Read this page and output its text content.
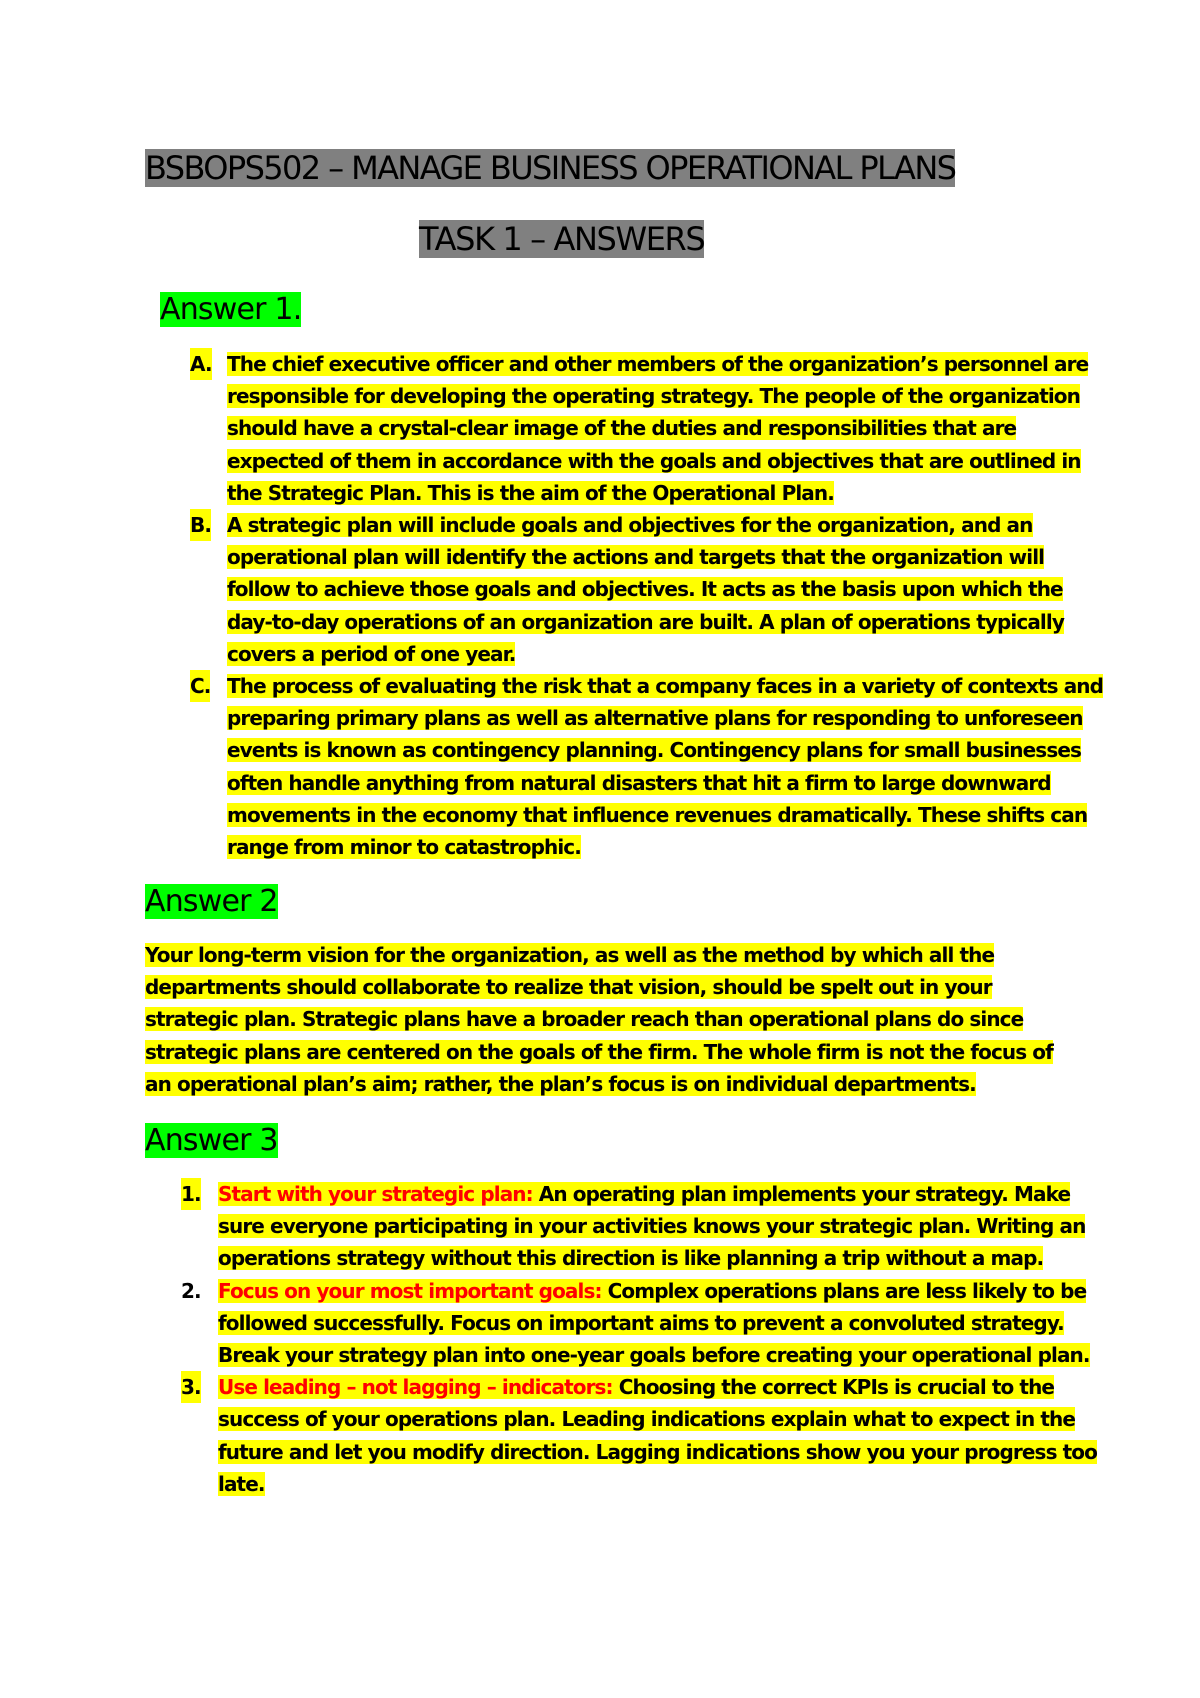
BSBOPS502 – MANAGE BUSINESS OPERATIONAL PLANS
TASK 1 – ANSWERS
Answer 1.
A. The chief executive officer and other members of the organization’s personnel are responsible for developing the operating strategy. The people of the organization should have a crystal-clear image of the duties and responsibilities that are expected of them in accordance with the goals and objectives that are outlined in the Strategic Plan. This is the aim of the Operational Plan.
B. A strategic plan will include goals and objectives for the organization, and an operational plan will identify the actions and targets that the organization will follow to achieve those goals and objectives. It acts as the basis upon which the day-to-day operations of an organization are built. A plan of operations typically covers a period of one year.
C. The process of evaluating the risk that a company faces in a variety of contexts and preparing primary plans as well as alternative plans for responding to unforeseen events is known as contingency planning. Contingency plans for small businesses often handle anything from natural disasters that hit a firm to large downward movements in the economy that influence revenues dramatically. These shifts can range from minor to catastrophic.
Answer 2

Your long-term vision for the organization, as well as the method by which all the departments should collaborate to realize that vision, should be spelt out in your strategic plan. Strategic plans have a broader reach than operational plans do since strategic plans are centered on the goals of the firm. The whole firm is not the focus of an operational plan’s aim; rather, the plan’s focus is on individual departments.

Answer 3
1. Start with your strategic plan: An operating plan implements your strategy. Make sure everyone participating in your activities knows your strategic plan. Writing an operations strategy without this direction is like planning a trip without a map.
2. Focus on your most important goals: Complex operations plans are less likely to be followed successfully. Focus on important aims to prevent a convoluted strategy. Break your strategy plan into one-year goals before creating your operational plan.
3. Use leading – not lagging – indicators: Choosing the correct KPIs is crucial to the success of your operations plan. Leading indications explain what to expect in the future and let you modify direction. Lagging indications show you your progress too late.
